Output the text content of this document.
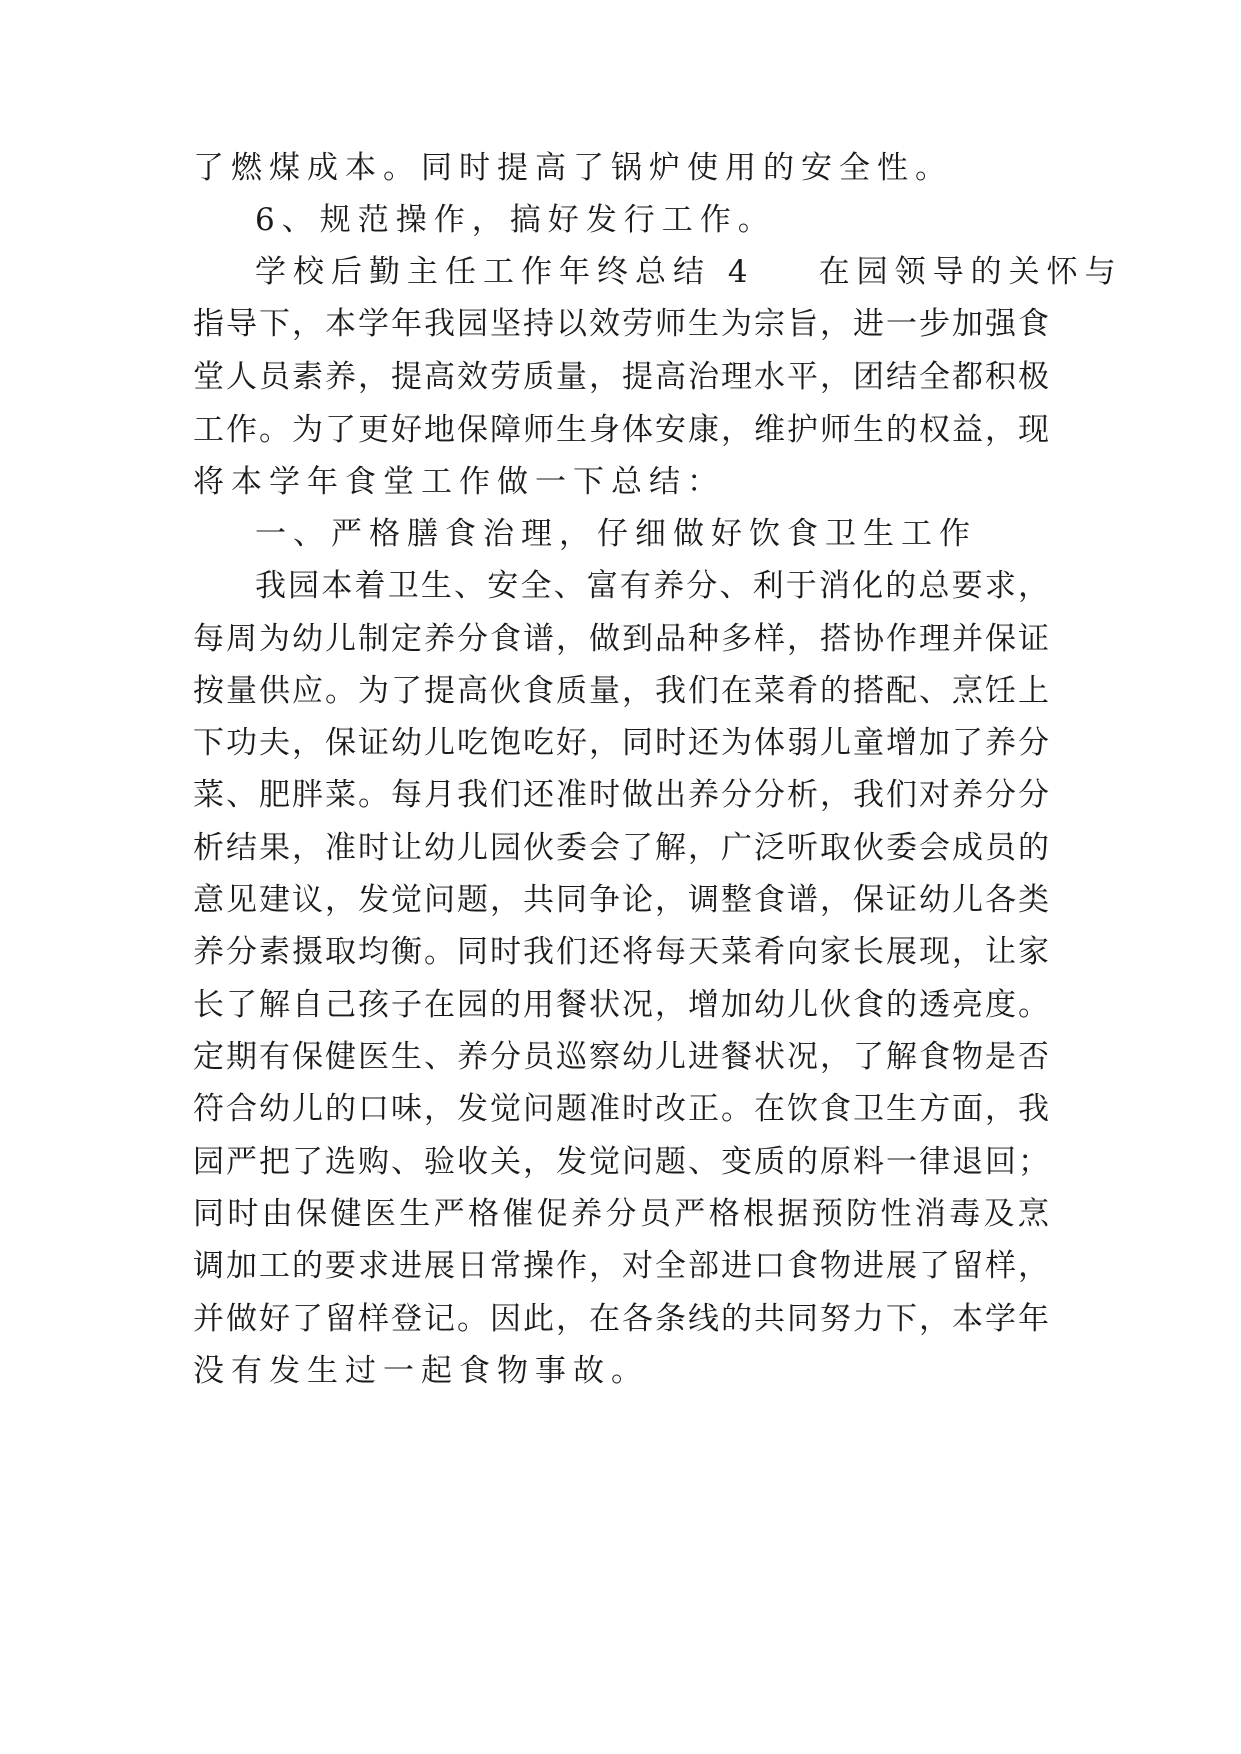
了燃煤成本。同时提高了锅炉使用的安全性。
6、规范操作，搞好发行工作。
学校后勤主任工作年终总结 4 在园领导的关怀与
指导下，本学年我园坚持以效劳师生为宗旨，进一步加强食
堂人员素养，提高效劳质量，提高治理水平，团结全都积极
工作。为了更好地保障师生身体安康，维护师生的权益，现
将本学年食堂工作做一下总结：
一、严格膳食治理，仔细做好饮食卫生工作
我园本着卫生、安全、富有养分、利于消化的总要求，
每周为幼儿制定养分食谱，做到品种多样，搭协作理并保证
按量供应。为了提高伙食质量，我们在菜肴的搭配、烹饪上
下功夫，保证幼儿吃饱吃好，同时还为体弱儿童增加了养分
菜、肥胖菜。每月我们还准时做出养分分析，我们对养分分
析结果，准时让幼儿园伙委会了解，广泛听取伙委会成员的
意见建议，发觉问题，共同争论，调整食谱，保证幼儿各类
养分素摄取均衡。同时我们还将每天菜肴向家长展现，让家
长了解自己孩子在园的用餐状况，增加幼儿伙食的透亮度。
定期有保健医生、养分员巡察幼儿进餐状况，了解食物是否
符合幼儿的口味，发觉问题准时改正。在饮食卫生方面，我
园严把了选购、验收关，发觉问题、变质的原料一律退回；
同时由保健医生严格催促养分员严格根据预防性消毒及烹
调加工的要求进展日常操作，对全部进口食物进展了留样，
并做好了留样登记。因此，在各条线的共同努力下，本学年
没有发生过一起食物事故。
